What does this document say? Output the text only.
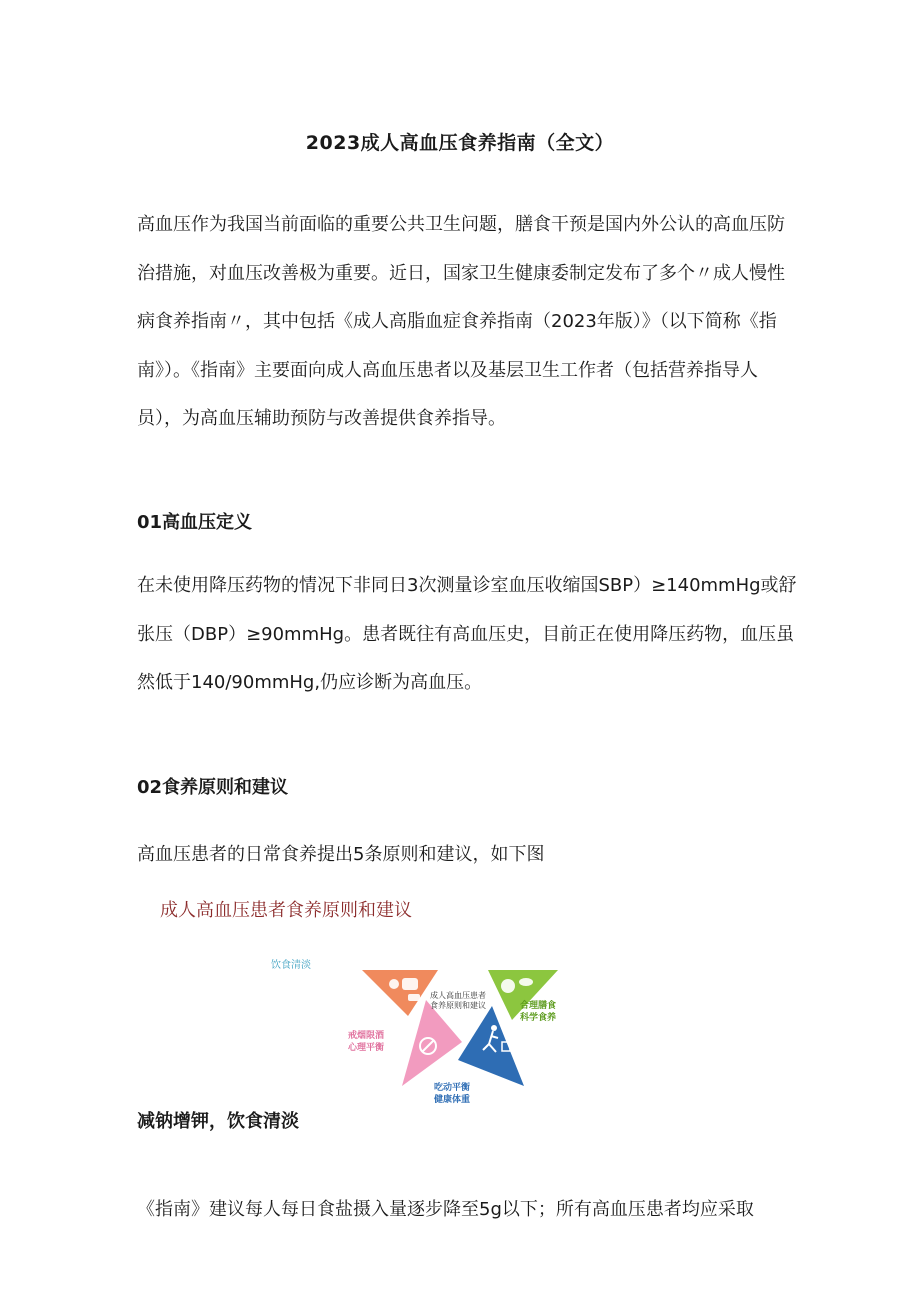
2023成人高血压食养指南（全文）

高血压作为我国当前面临的重要公共卫生问题，膳食干预是国内外公认的高血压防治措施，对血压改善极为重要。近日，国家卫生健康委制定发布了多个〃成人慢性病食养指南〃，其中包括《成人高脂血症食养指南（2023年版）》（以下简称《指南》）。《指南》主要面向成人高血压患者以及基层卫生工作者（包括营养指导人员），为高血压辅助预防与改善提供食养指导。

01高血压定义

在未使用降压药物的情况下非同日3次测量诊室血压收缩国SBP）≥140mmHg或舒张压（DBP）≥90mmHg。患者既往有高血压史，目前正在使用降压药物，血压虽然低于140/90mmHg,仍应诊断为高血压。

02食养原则和建议
高血压患者的日常食养提出5条原则和建议，如下图
成人高血压患者食养原则和建议
饮食清淡
成人高血压患者
食养原则和建议	合理膳食
科学食养
戒烟限酒
心理平衡
吃动平衡
健康体重
减钠增钾，饮食清淡
《指南》建议每人每日食盐摄入量逐步降至5g以下；所有高血压患者均应采取
